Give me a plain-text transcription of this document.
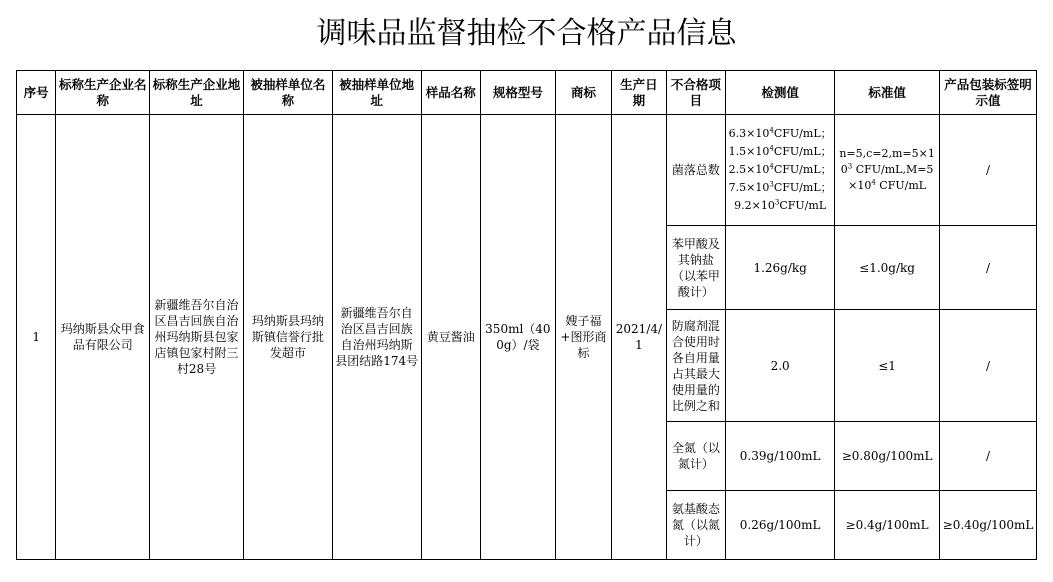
调味品监督抽检不合格产品信息
序号	标称生产企业名称	标称生产企业地址	被抽样单位名称	被抽样单位地址	样品名称	规格型号	商标	生产日期	不合格项目	检测值	标准值	产品包装标签明示值
1	玛纳斯县众甲食品有限公司	新疆维吾尔自治区昌吉回族自治州玛纳斯县包家店镇包家村附三村28号	玛纳斯县玛纳斯镇信誉行批发超市	新疆维吾尔自治区昌吉回族自治州玛纳斯县团结路174号	黄豆酱油	350ml（400g）/袋	嫂子福+图形商标	2021/4/1	菌落总数	$6.3\times 10^4CFU/mL$；
$1.5\times 10^4CFU/mL$；
$2.5\times 10^4CFU/mL$；
$7.5\times 10^3CFU/mL$；
$9.2\times 10^3CFU/mL$	$n=5,c=2,m=5\times 10^3$ CFU/$mL,M=5\times 10^4$ CFU/mL	/
									苯甲酸及其钠盐（以苯甲酸计）	1.26g/kg	≤1.0g/kg	/
									防腐剂混合使用时各自用量占其最大使用量的比例之和	2.0	≤1	/
									全氮（以氮计）	0.39g/100mL	≥0.80g/100mL	/
									氨基酸态氮（以氮计）	0.26g/100mL	≥0.4g/100mL	≥0.40g/100mL
